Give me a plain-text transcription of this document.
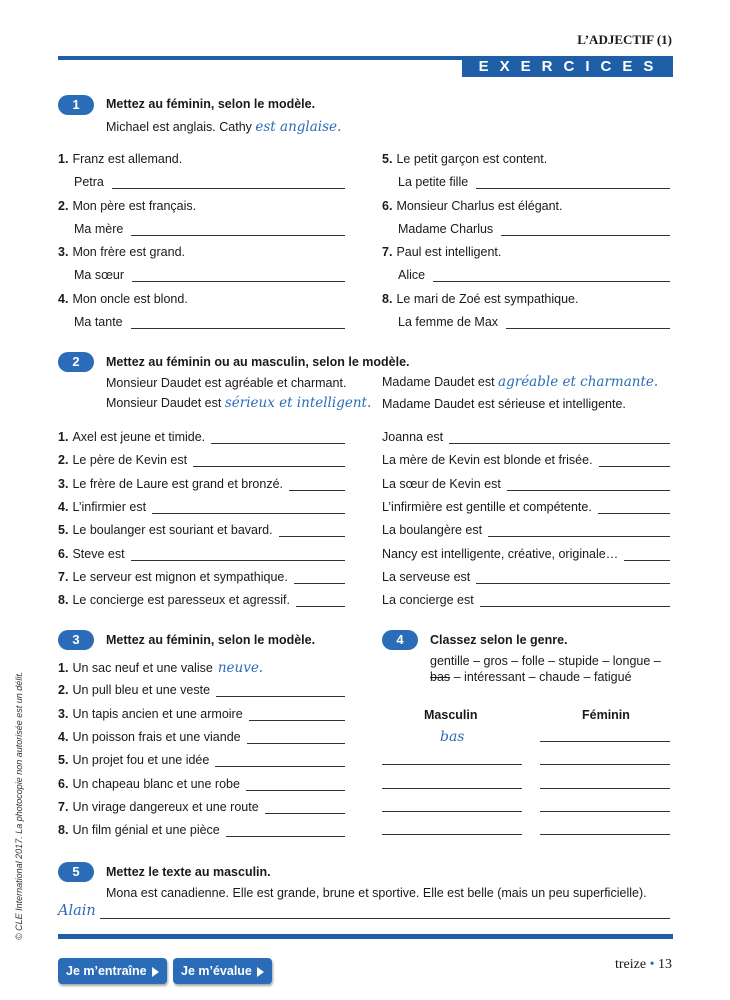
L’ADJECTIF (1)
EXERCICES
© CLE International 2017. La photocopie non autorisée est un délit.
1	Mettez au féminin, selon le modèle.
Michael est anglais. Cathy est anglaise.
1. Franz est allemand.
Petra
2. Mon père est français.
Ma mère
3. Mon frère est grand.
Ma sœur
4. Mon oncle est blond.
Ma tante
5. Le petit garçon est content.
La petite fille
6. Monsieur Charlus est élégant.
Madame Charlus
7. Paul est intelligent.
Alice
8. Le mari de Zoé est sympathique.
La femme de Max
2	Mettez au féminin ou au masculin, selon le modèle.
Monsieur Daudet est agréable et charmant.	Madame Daudet est agréable et charmante.
Monsieur Daudet est sérieux et intelligent. Madame Daudet est sérieuse et intelligente.
1. Axel est jeune et timide.	Joanna est
2. Le père de Kevin est	La mère de Kevin est blonde et frisée.
3. Le frère de Laure est grand et bronzé.	La sœur de Kevin est
4. L’infirmier est	L’infirmière est gentille et compétente.
5. Le boulanger est souriant et bavard.	La boulangère est
6. Steve est	Nancy est intelligente, créative, originale…
7. Le serveur est mignon et sympathique.	La serveuse est
8. Le concierge est paresseux et agressif.	La concierge est
3	Mettez au féminin, selon le modèle.
1. Un sac neuf et une valise neuve.
2. Un pull bleu et une veste
3. Un tapis ancien et une armoire
4. Un poisson frais et une viande
5. Un projet fou et une idée
6. Un chapeau blanc et une robe
7. Un virage dangereux et une route
8. Un film génial et une pièce
4	Classez selon le genre.
gentille – gros – folle – stupide – longue –
bas – intéressant – chaude – fatigué
Masculin	Féminin
bas
5	Mettez le texte au masculin.
Mona est canadienne. Elle est grande, brune et sportive. Elle est belle (mais un peu superficielle).
Alain
Je m’entraîne	Je m’évalue	treize • 13
